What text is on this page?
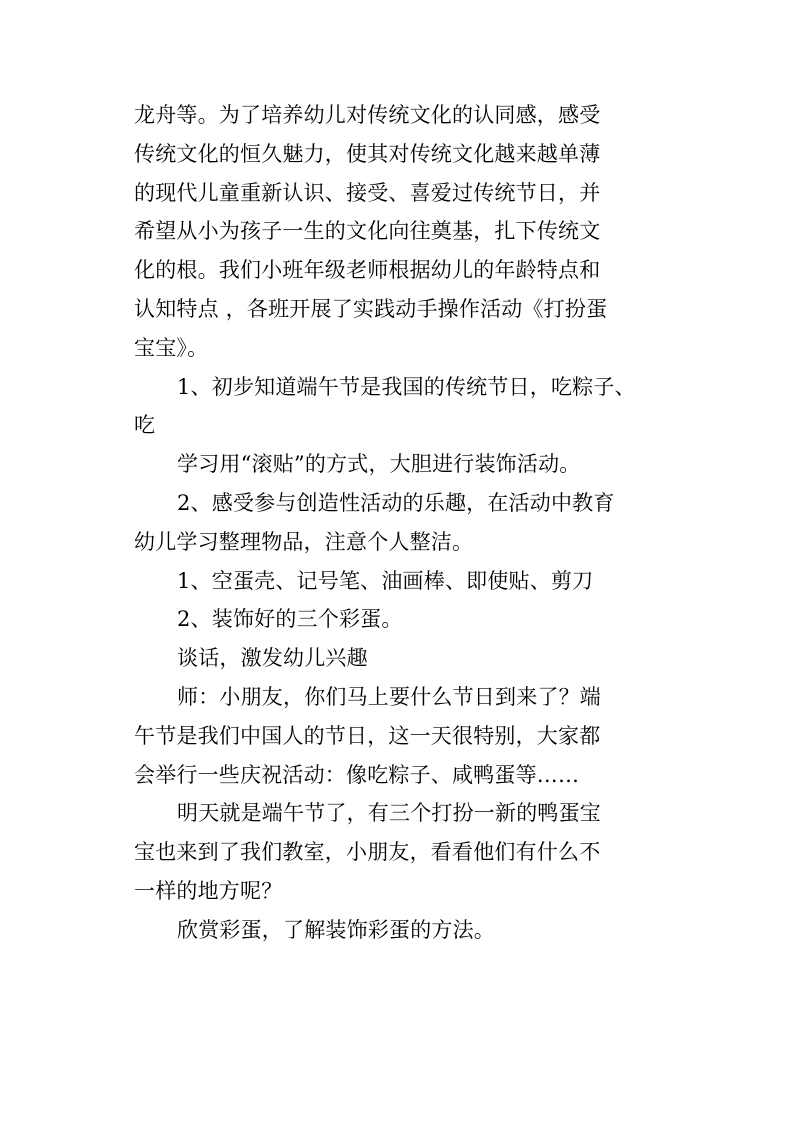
龙舟等。为了培养幼儿对传统文化的认同感，感受
传统文化的恒久魅力，使其对传统文化越来越单薄
的现代儿童重新认识、接受、喜爱过传统节日，并
希望从小为孩子一生的文化向往奠基，扎下传统文
化的根。我们小班年级老师根据幼儿的年龄特点和
认知特点 ，各班开展了实践动手操作活动《打扮蛋
宝宝》。
1、初步知道端午节是我国的传统节日，吃粽子、
吃
学习用“滚贴”的方式，大胆进行装饰活动。
2、感受参与创造性活动的乐趣，在活动中教育
幼儿学习整理物品，注意个人整洁。
1、空蛋壳、记号笔、油画棒、即使贴、剪刀
2、装饰好的三个彩蛋。
谈话，激发幼儿兴趣
师：小朋友，你们马上要什么节日到来了？端
午节是我们中国人的节日，这一天很特别，大家都
会举行一些庆祝活动：像吃粽子、咸鸭蛋等……
明天就是端午节了，有三个打扮一新的鸭蛋宝
宝也来到了我们教室，小朋友，看看他们有什么不
一样的地方呢？
欣赏彩蛋，了解装饰彩蛋的方法。
